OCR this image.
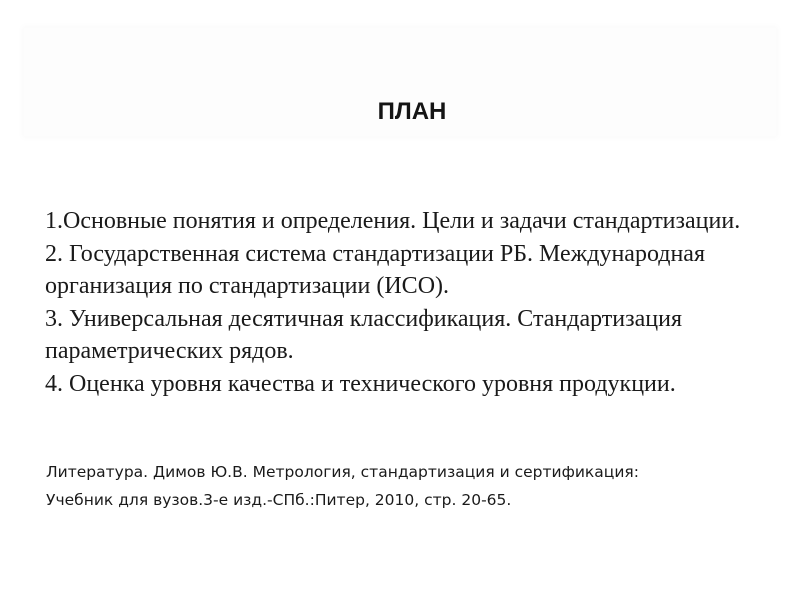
ПЛАН
1.Основные понятия и определения. Цели и задачи стандартизации.
2. Государственная система стандартизации РБ. Международная организация по стандартизации (ИСО).
3. Универсальная десятичная классификация. Стандартизация параметрических рядов.
4. Оценка уровня качества и технического уровня продукции.
Литература. Димов Ю.В. Метрология, стандартизация и сертификация:
Учебник для вузов.3-е изд.-СПб.:Питер, 2010, стр. 20-65.
